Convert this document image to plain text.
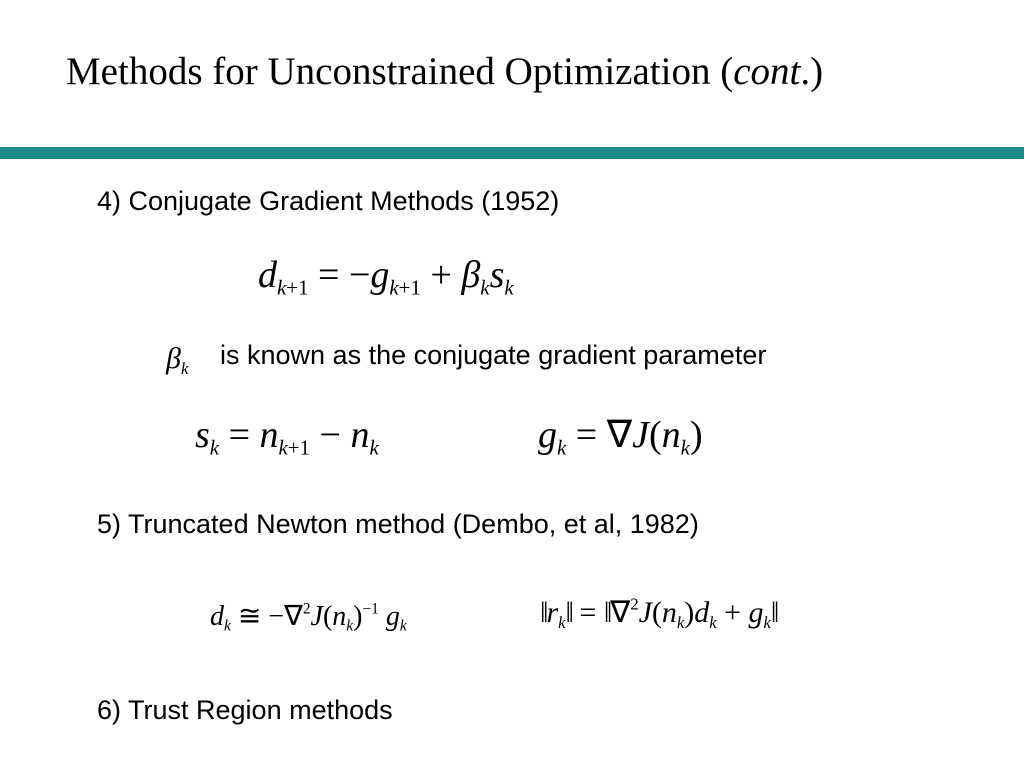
Methods for Unconstrained Optimization (cont.)
4) Conjugate Gradient Methods (1952)
$d_{k+1} = -g_{k+1} + \beta_ks_k$
$\beta_k$ is known as the conjugate gradient parameter
$s_k = n_{k+1} - n_k$	$g_k = \nabla J(n_k)$
5) Truncated Newton method (Dembo, et al, 1982)
$d_k$ ≅ $-\nabla^2J(n_k)^{-1}$ $g_k$	$‖r_k‖$ = $‖\nabla^2J(n_k)d_k$ + $g_k‖$
6) Trust Region methods
